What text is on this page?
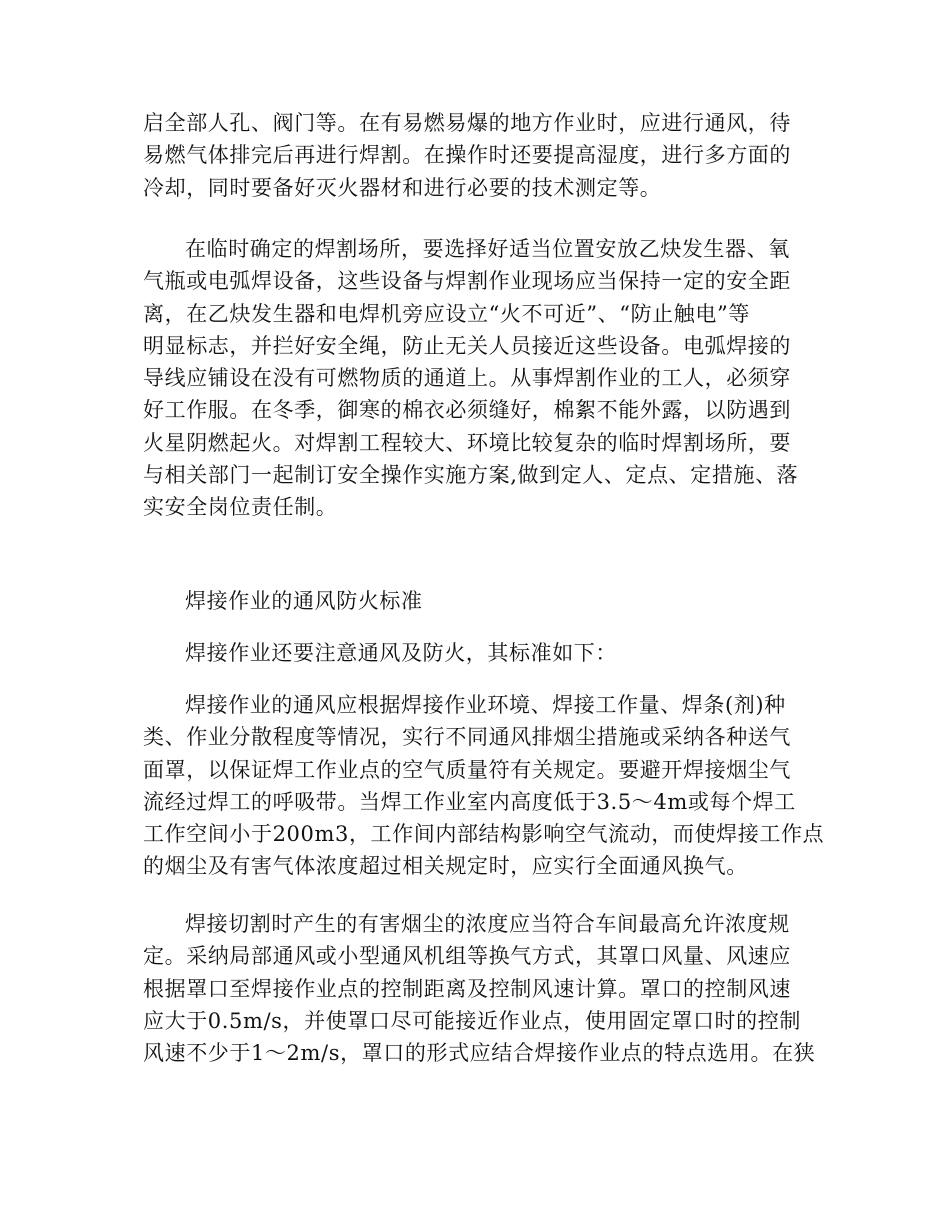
启全部人孔、阀门等。在有易燃易爆的地方作业时，应进行通风，待
易燃气体排完后再进行焊割。在操作时还要提高湿度，进行多方面的
冷却，同时要备好灭火器材和进行必要的技术测定等。

在临时确定的焊割场所，要选择好适当位置安放乙炔发生器、氧
气瓶或电弧焊设备，这些设备与焊割作业现场应当保持一定的安全距
离，在乙炔发生器和电焊机旁应设立“火不可近”、“防止触电”等
明显标志，并拦好安全绳，防止无关人员接近这些设备。电弧焊接的
导线应铺设在没有可燃物质的通道上。从事焊割作业的工人，必须穿
好工作服。在冬季，御寒的棉衣必须缝好，棉絮不能外露，以防遇到
火星阴燃起火。对焊割工程较大、环境比较复杂的临时焊割场所，要
与相关部门一起制订安全操作实施方案,做到定人、定点、定措施、落
实安全岗位责任制。

焊接作业的通风防火标准

焊接作业还要注意通风及防火，其标准如下：

焊接作业的通风应根据焊接作业环境、焊接工作量、焊条(剂)种
类、作业分散程度等情况，实行不同通风排烟尘措施或采纳各种送气
面罩，以保证焊工作业点的空气质量符有关规定。要避开焊接烟尘气
流经过焊工的呼吸带。当焊工作业室内高度低于3.5～4m或每个焊工
工作空间小于200m3，工作间内部结构影响空气流动，而使焊接工作点
的烟尘及有害气体浓度超过相关规定时，应实行全面通风换气。

焊接切割时产生的有害烟尘的浓度应当符合车间最高允许浓度规
定。采纳局部通风或小型通风机组等换气方式，其罩口风量、风速应
根据罩口至焊接作业点的控制距离及控制风速计算。罩口的控制风速
应大于0.5m/s，并使罩口尽可能接近作业点，使用固定罩口时的控制
风速不少于1～2m/s，罩口的形式应结合焊接作业点的特点选用。在狭
